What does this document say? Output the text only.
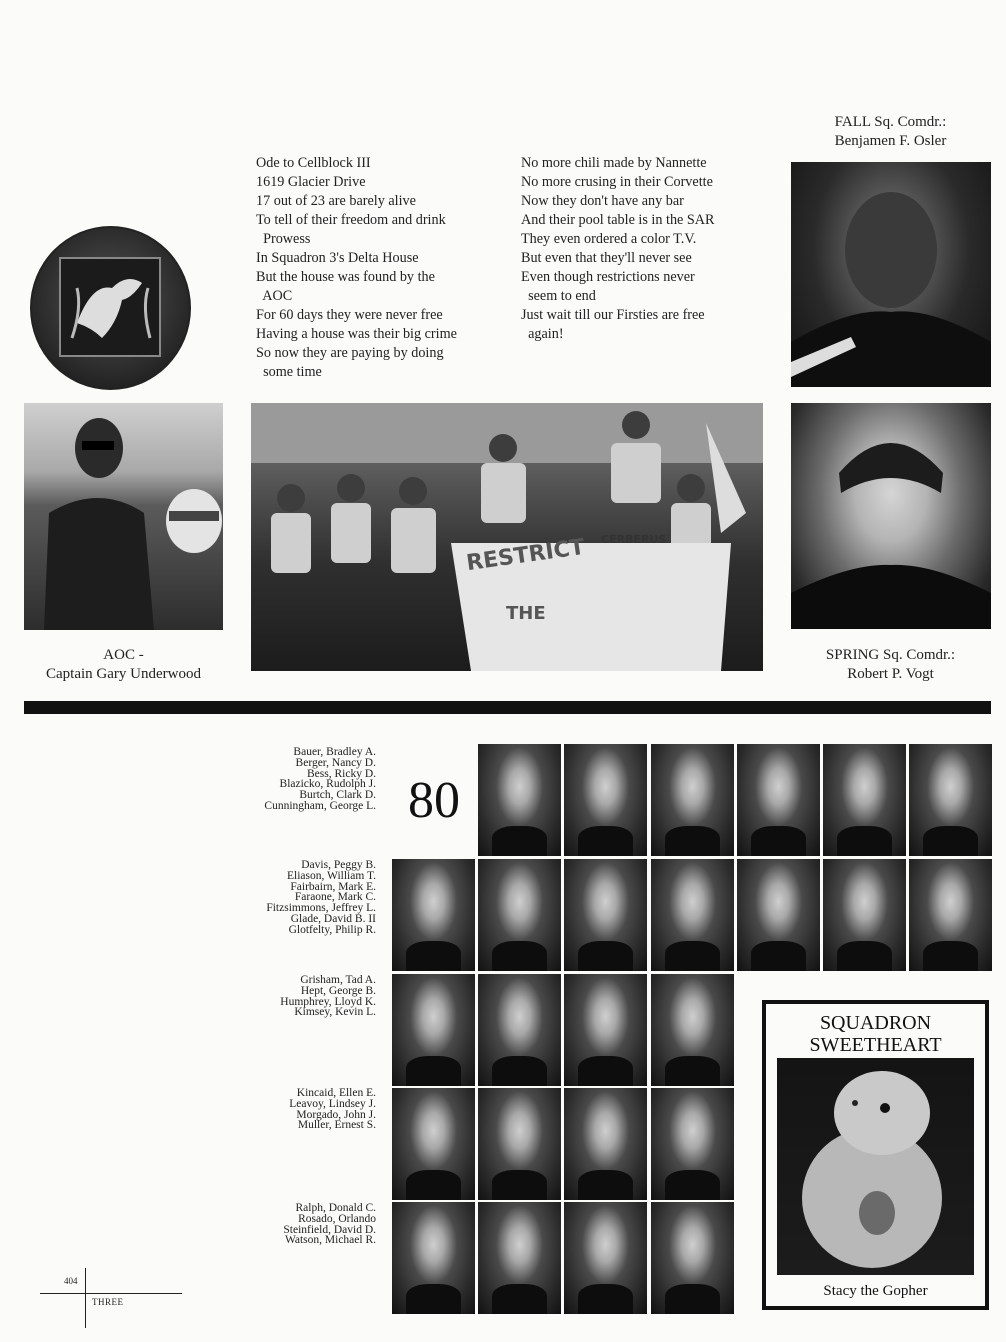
Ode to Cellblock III
1619 Glacier Drive
17 out of 23 are barely alive
To tell of their freedom and drink
Prowess
In Squadron 3's Delta House
But the house was found by the
AOC
For 60 days they were never free
Having a house was their big crime
So now they are paying by doing
some time
No more chili made by Nannette
No more crusing in their Corvette
Now they don't have any bar
And their pool table is in the SAR
They even ordered a color T.V.
But even that they'll never see
Even though restrictions never
seem to end
Just wait till our Firsties are free
again!
FALL Sq. Comdr.:
Benjamen F. Osler
AOC -
Captain Gary Underwood
RESTRICT
THE
CERBERUS
SPRING Sq. Comdr.:
Robert P. Vogt
Bauer, Bradley A.
Berger, Nancy D.
Bess, Ricky D.
Blazicko, Rudolph J.
Burtch, Clark D.
Cunningham, George L.
Davis, Peggy B.
Eliason, William T.
Fairbairn, Mark E.
Faraone, Mark C.
Fitzsimmons, Jeffrey L.
Glade, David B. II
Glotfelty, Philip R.
Grisham, Tad A.
Hept, George B.
Humphrey, Lloyd K.
Kimsey, Kevin L.
Kincaid, Ellen E.
Leavoy, Lindsey J.
Morgado, John J.
Muller, Ernest S.
Ralph, Donald C.
Rosado, Orlando
Steinfield, David D.
Watson, Michael R.
80
SQUADRON
SWEETHEART
Stacy the Gopher
404
THREE
